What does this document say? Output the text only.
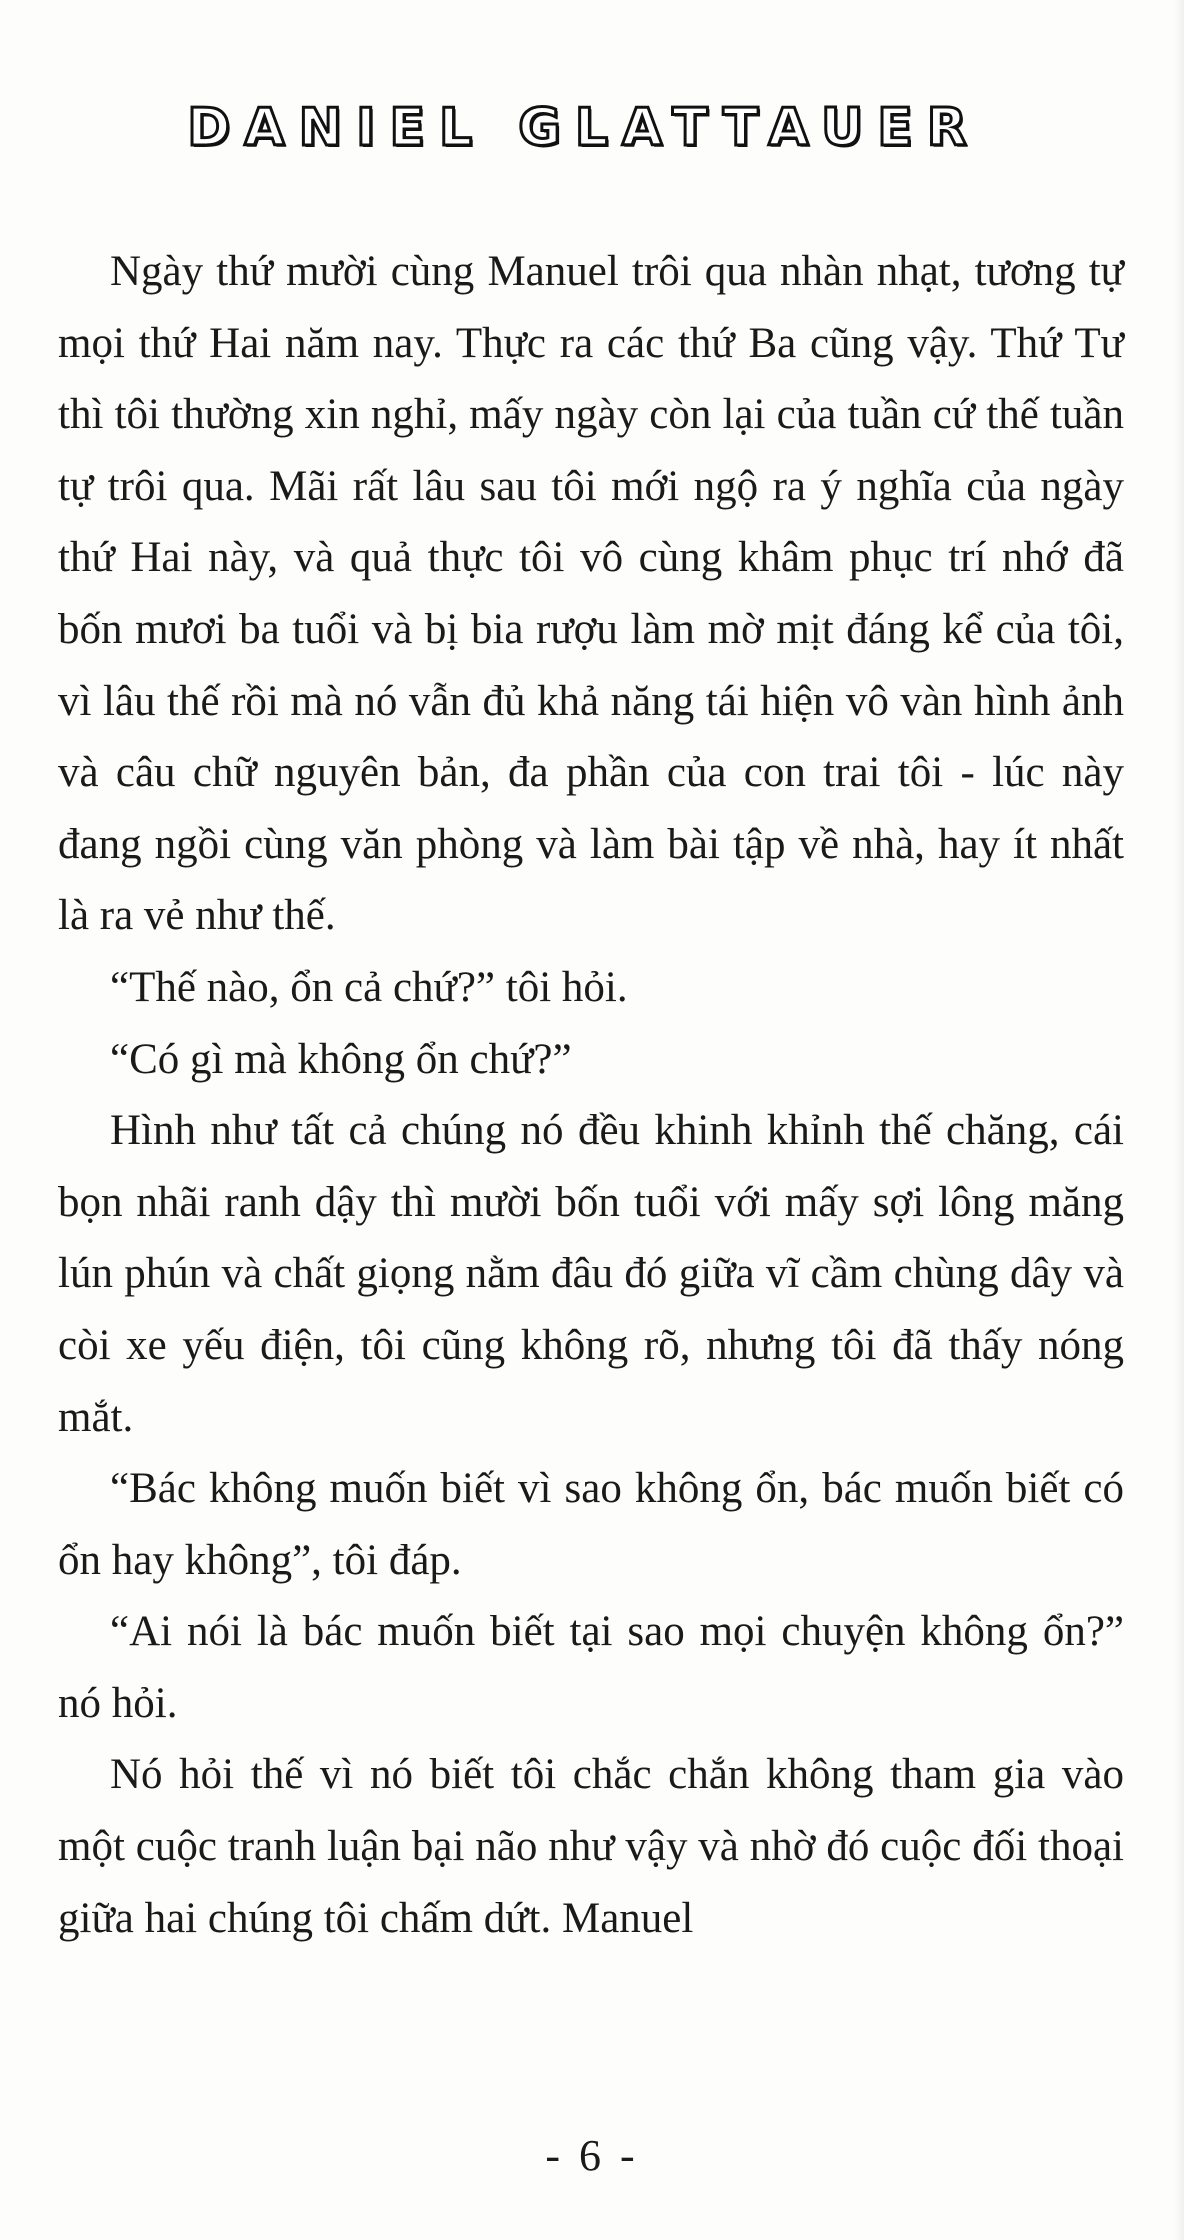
DANIEL GLATTAUER

Ngày thứ mười cùng Manuel trôi qua nhàn nhạt, tương tự mọi thứ Hai năm nay. Thực ra các thứ Ba cũng vậy. Thứ Tư thì tôi thường xin nghỉ, mấy ngày còn lại của tuần cứ thế tuần tự trôi qua. Mãi rất lâu sau tôi mới ngộ ra ý nghĩa của ngày thứ Hai này, và quả thực tôi vô cùng khâm phục trí nhớ đã bốn mươi ba tuổi và bị bia rượu làm mờ mịt đáng kể của tôi, vì lâu thế rồi mà nó vẫn đủ khả năng tái hiện vô vàn hình ảnh và câu chữ nguyên bản, đa phần của con trai tôi - lúc này đang ngồi cùng văn phòng và làm bài tập về nhà, hay ít nhất là ra vẻ như thế.

“Thế nào, ổn cả chứ?” tôi hỏi.

“Có gì mà không ổn chứ?”

Hình như tất cả chúng nó đều khinh khỉnh thế chăng, cái bọn nhãi ranh dậy thì mười bốn tuổi với mấy sợi lông măng lún phún và chất giọng nằm đâu đó giữa vĩ cầm chùng dây và còi xe yếu điện, tôi cũng không rõ, nhưng tôi đã thấy nóng mắt.

“Bác không muốn biết vì sao không ổn, bác muốn biết có ổn hay không”, tôi đáp.

“Ai nói là bác muốn biết tại sao mọi chuyện không ổn?” nó hỏi.

Nó hỏi thế vì nó biết tôi chắc chắn không tham gia vào một cuộc tranh luận bại não như vậy và nhờ đó cuộc đối thoại giữa hai chúng tôi chấm dứt. Manuel

- 6 -
